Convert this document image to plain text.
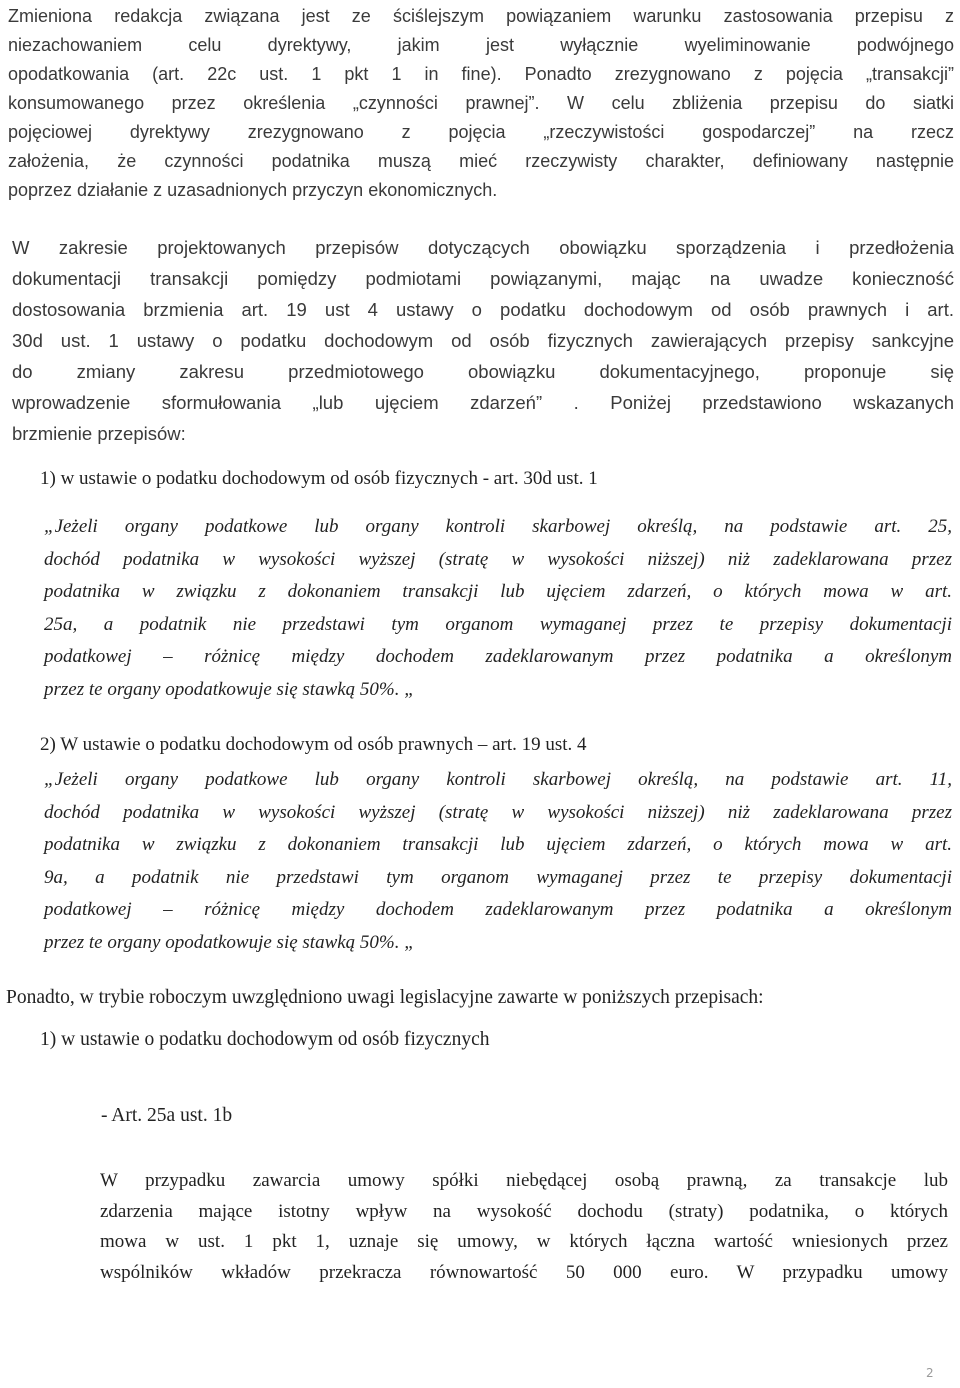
Zmieniona redakcja związana jest ze ściślejszym powiązaniem warunku zastosowania przepisu z

niezachowaniem celu dyrektywy, jakim jest wyłącznie wyeliminowanie podwójnego

opodatkowania (art. 22c ust. 1 pkt 1 in fine). Ponadto zrezygnowano z pojęcia „transakcji”

konsumowanego przez określenia „czynności prawnej”. W celu zbliżenia przepisu do siatki

pojęciowej dyrektywy zrezygnowano z pojęcia „rzeczywistości gospodarczej” na rzecz

założenia, że czynności podatnika muszą mieć rzeczywisty charakter, definiowany następnie

poprzez działanie z uzasadnionych przyczyn ekonomicznych.

W zakresie projektowanych przepisów dotyczących obowiązku sporządzenia i przedłożenia

dokumentacji transakcji pomiędzy podmiotami powiązanymi, mając na uwadze konieczność

dostosowania brzmienia art. 19 ust 4 ustawy o podatku dochodowym od osób prawnych i art.

30d ust. 1 ustawy o podatku dochodowym od osób fizycznych zawierających przepisy sankcyjne

do zmiany zakresu przedmiotowego obowiązku dokumentacyjnego, proponuje się

wprowadzenie sformułowania „lub ujęciem zdarzeń” . Poniżej przedstawiono wskazanych

brzmienie przepisów:

1) w ustawie o podatku dochodowym od osób fizycznych - art. 30d ust. 1

„Jeżeli organy podatkowe lub organy kontroli skarbowej określą, na podstawie art. 25,

dochód podatnika w wysokości wyższej (stratę w wysokości niższej) niż zadeklarowana przez

podatnika w związku z dokonaniem transakcji lub ujęciem zdarzeń, o których mowa w art.

25a, a podatnik nie przedstawi tym organom wymaganej przez te przepisy dokumentacji

podatkowej – różnicę między dochodem zadeklarowanym przez podatnika a określonym

przez te organy opodatkowuje się stawką 50%. „

2) W ustawie o podatku dochodowym od osób prawnych – art. 19 ust. 4

„Jeżeli organy podatkowe lub organy kontroli skarbowej określą, na podstawie art. 11,

dochód podatnika w wysokości wyższej (stratę w wysokości niższej) niż zadeklarowana przez

podatnika w związku z dokonaniem transakcji lub ujęciem zdarzeń, o których mowa w art.

9a, a podatnik nie przedstawi tym organom wymaganej przez te przepisy dokumentacji

podatkowej – różnicę między dochodem zadeklarowanym przez podatnika a określonym

przez te organy opodatkowuje się stawką 50%. „

Ponadto, w trybie roboczym uwzględniono uwagi legislacyjne zawarte w poniższych przepisach:

1) w ustawie o podatku dochodowym od osób fizycznych

- Art. 25a ust. 1b

W przypadku zawarcia umowy spółki niebędącej osobą prawną, za transakcje lub

zdarzenia mające istotny wpływ na wysokość dochodu (straty) podatnika, o których

mowa w ust. 1 pkt 1, uznaje się umowy, w których łączna wartość wniesionych przez

wspólników wkładów przekracza równowartość 50 000 euro. W przypadku umowy

2
